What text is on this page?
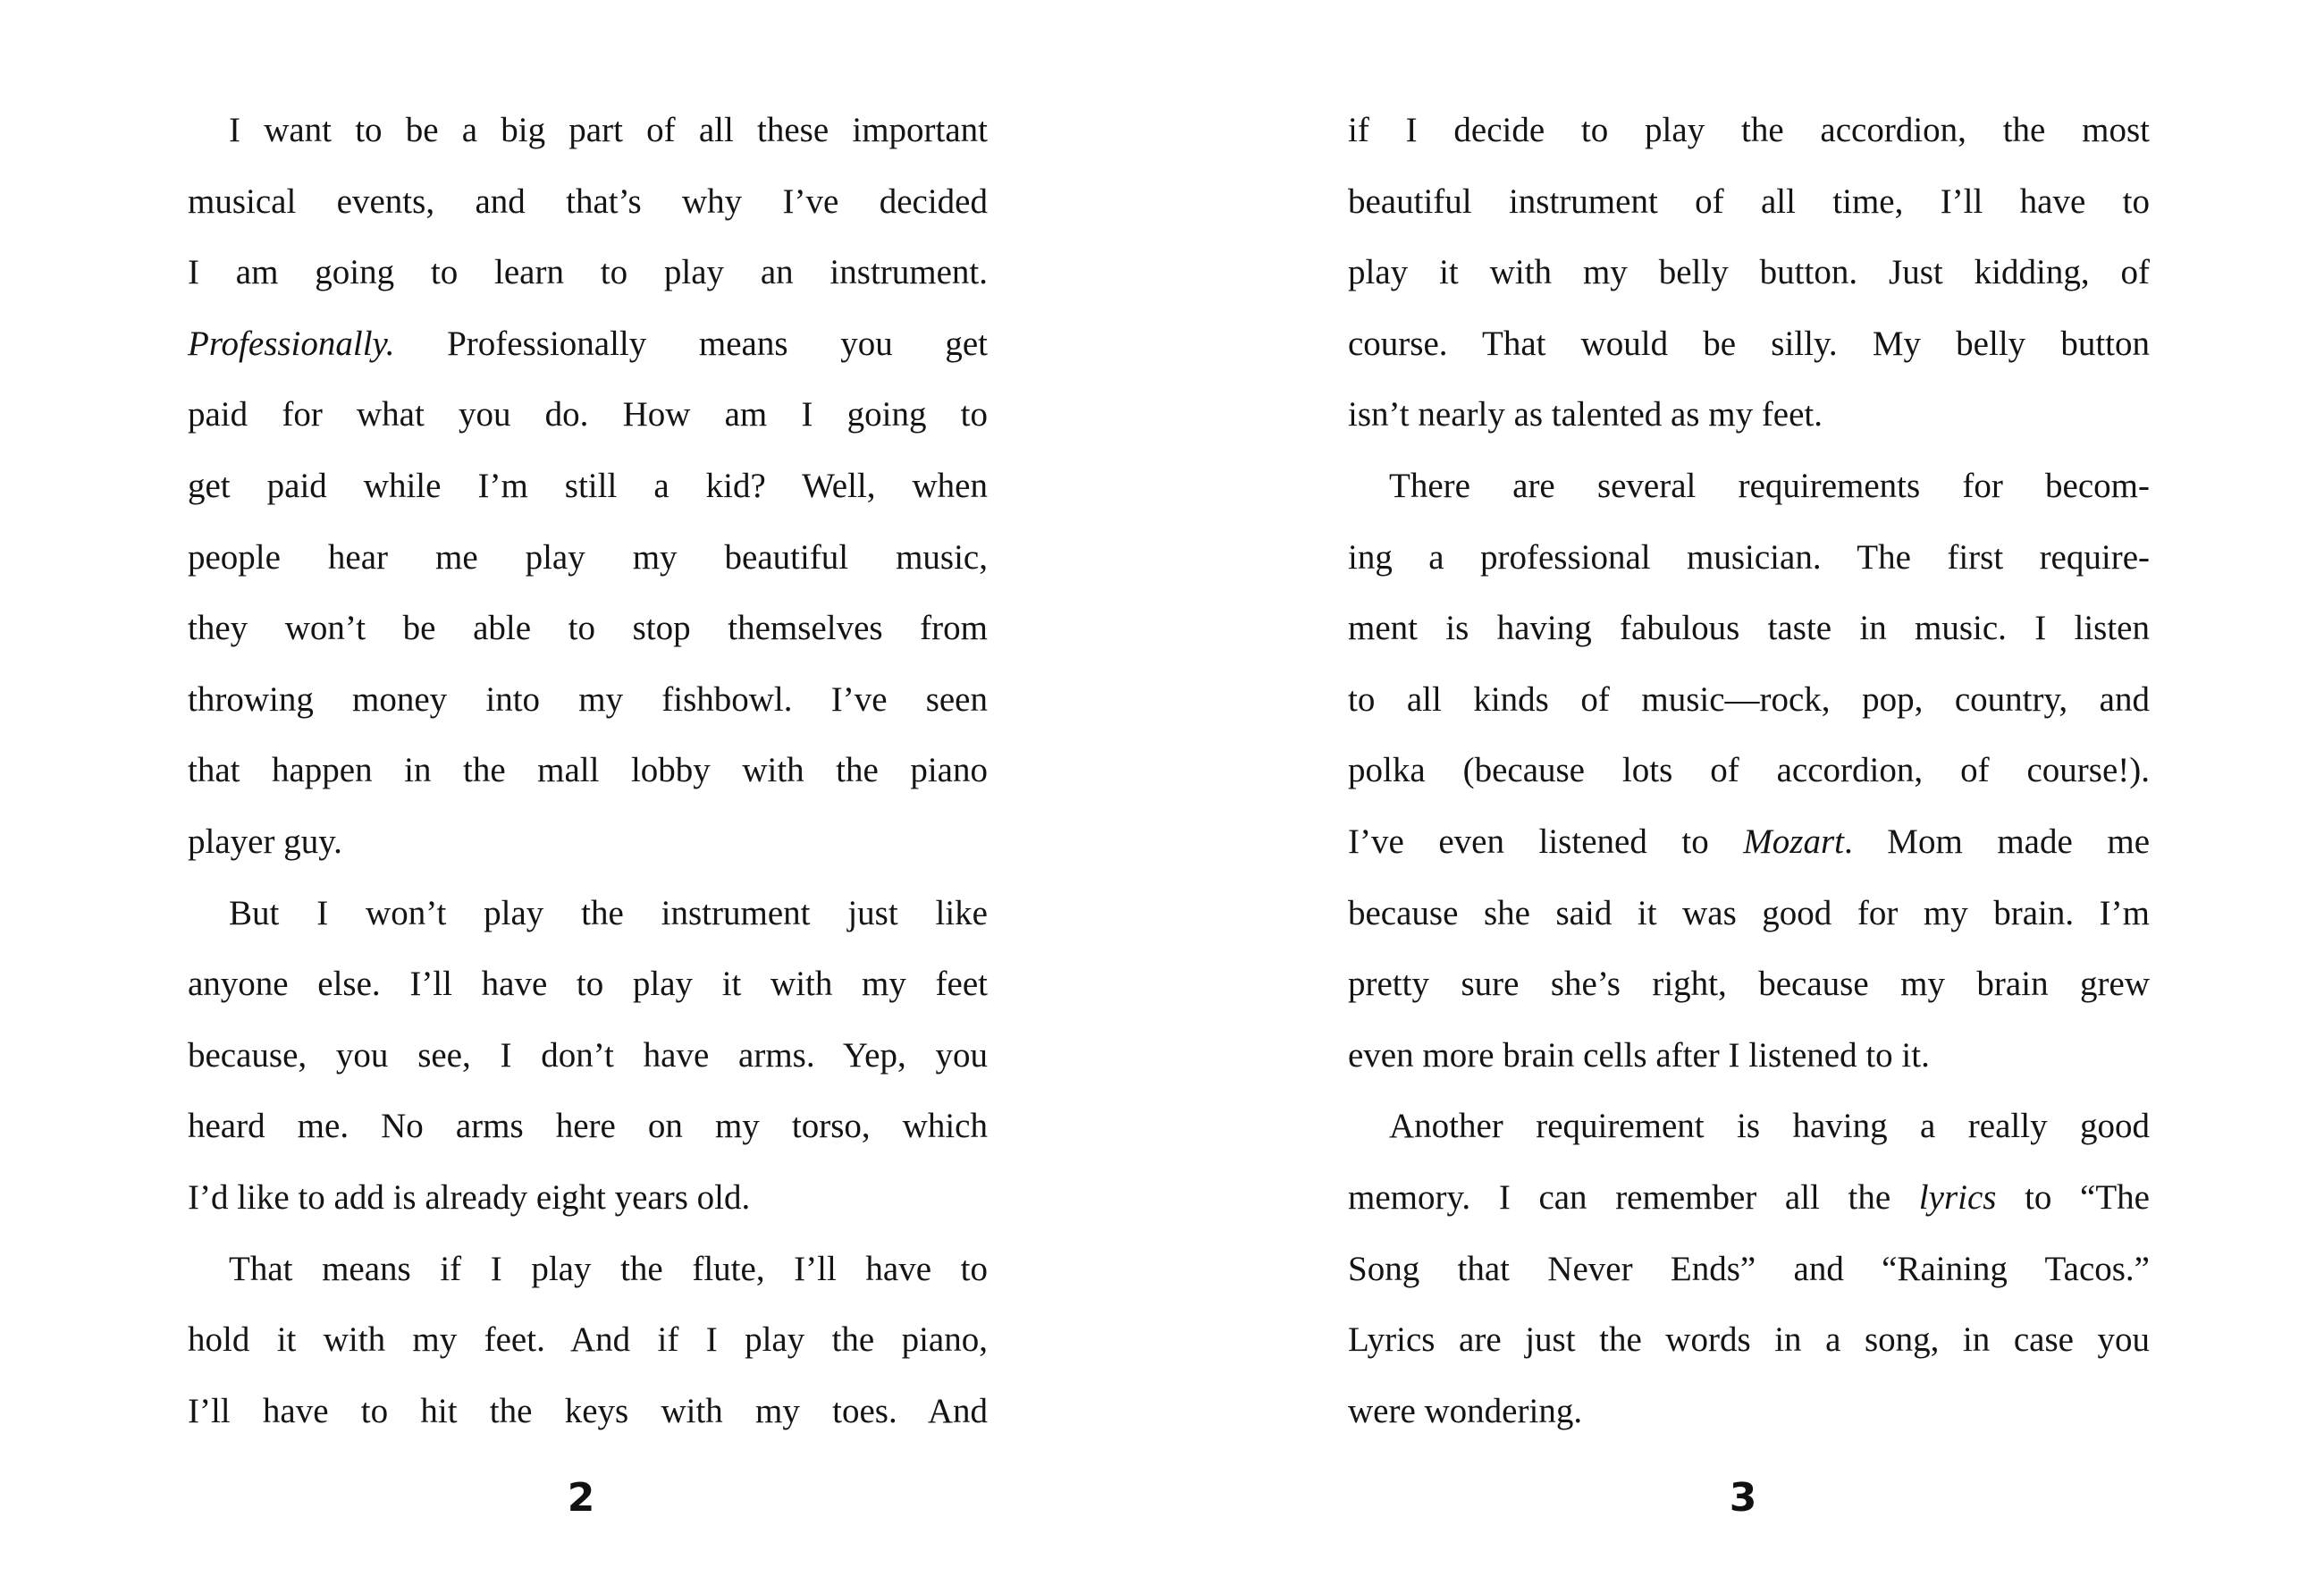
I want to be a big part of all these important
musical events, and that’s why I’ve decided
I am going to learn to play an instrument.
Professionally. Professionally means you get
paid for what you do. How am I going to
get paid while I’m still a kid? Well, when
people hear me play my beautiful music,
they won’t be able to stop themselves from
throwing money into my fishbowl. I’ve seen
that happen in the mall lobby with the piano
player guy.
But I won’t play the instrument just like
anyone else. I’ll have to play it with my feet
because, you see, I don’t have arms. Yep, you
heard me. No arms here on my torso, which
I’d like to add is already eight years old.
That means if I play the flute, I’ll have to
hold it with my feet. And if I play the piano,
I’ll have to hit the keys with my toes. And
2
if I decide to play the accordion, the most
beautiful instrument of all time, I’ll have to
play it with my belly button. Just kidding, of
course. That would be silly. My belly button
isn’t nearly as talented as my feet.
There are several requirements for becom-
ing a professional musician. The first require-
ment is having fabulous taste in music. I listen
to all kinds of music—rock, pop, country, and
polka (because lots of accordion, of course!).
I’ve even listened to Mozart. Mom made me
because she said it was good for my brain. I’m
pretty sure she’s right, because my brain grew
even more brain cells after I listened to it.
Another requirement is having a really good
memory. I can remember all the lyrics to “The
Song that Never Ends” and “Raining Tacos.”
Lyrics are just the words in a song, in case you
were wondering.
3
